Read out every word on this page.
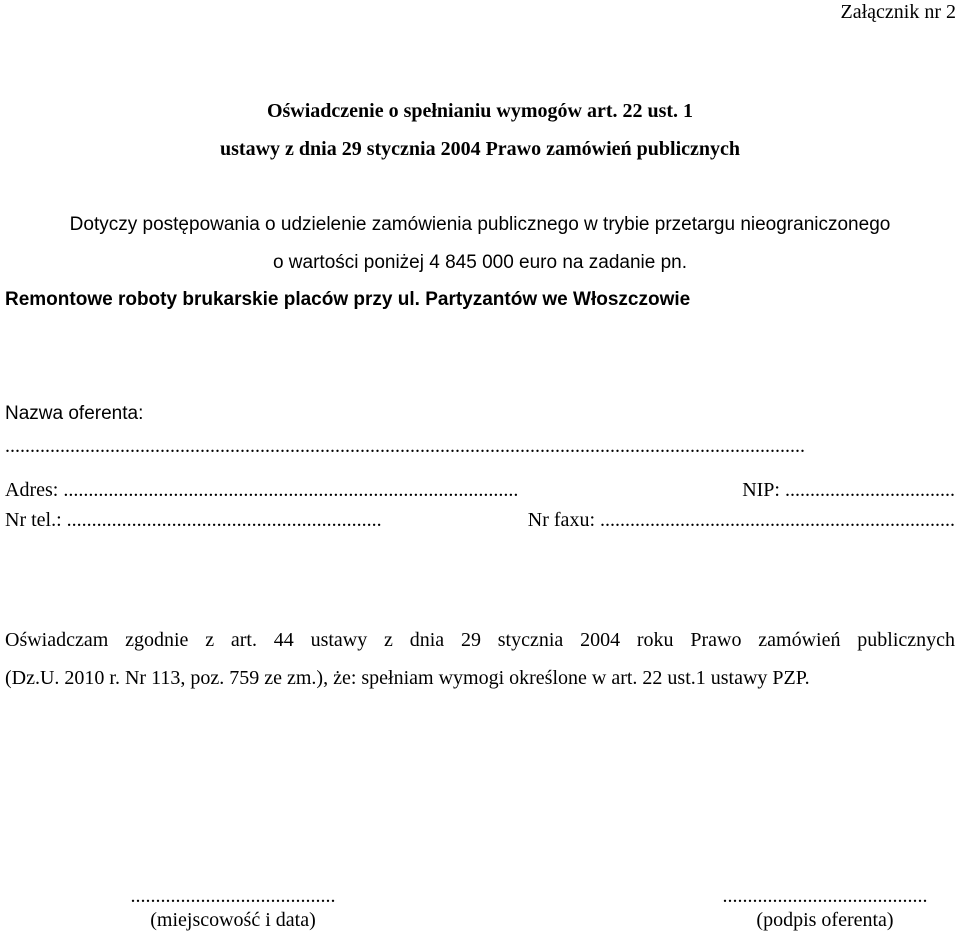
Załącznik nr 2
Oświadczenie o spełnianiu wymogów art. 22 ust. 1
ustawy z dnia 29 stycznia 2004 Prawo zamówień publicznych
Dotyczy postępowania o udzielenie zamówienia publicznego w trybie przetargu nieograniczonego
o wartości poniżej 4 845 000 euro na zadanie pn.
Remontowe roboty brukarskie placów przy ul. Partyzantów we Włoszczowie
Nazwa oferenta:
................................................................................................................................................................
Adres: ...........................................................................................	NIP: ..................................
Nr tel.: ...............................................................	Nr faxu: .......................................................................
Oświadczam zgodnie z art. 44 ustawy z dnia 29 stycznia 2004 roku Prawo zamówień publicznych
(Dz.U. 2010 r. Nr 113, poz. 759 ze zm.), że: spełniam wymogi określone w art. 22 ust.1 ustawy PZP.
.........................................
(miejscowość i data)
.........................................
(podpis oferenta)
